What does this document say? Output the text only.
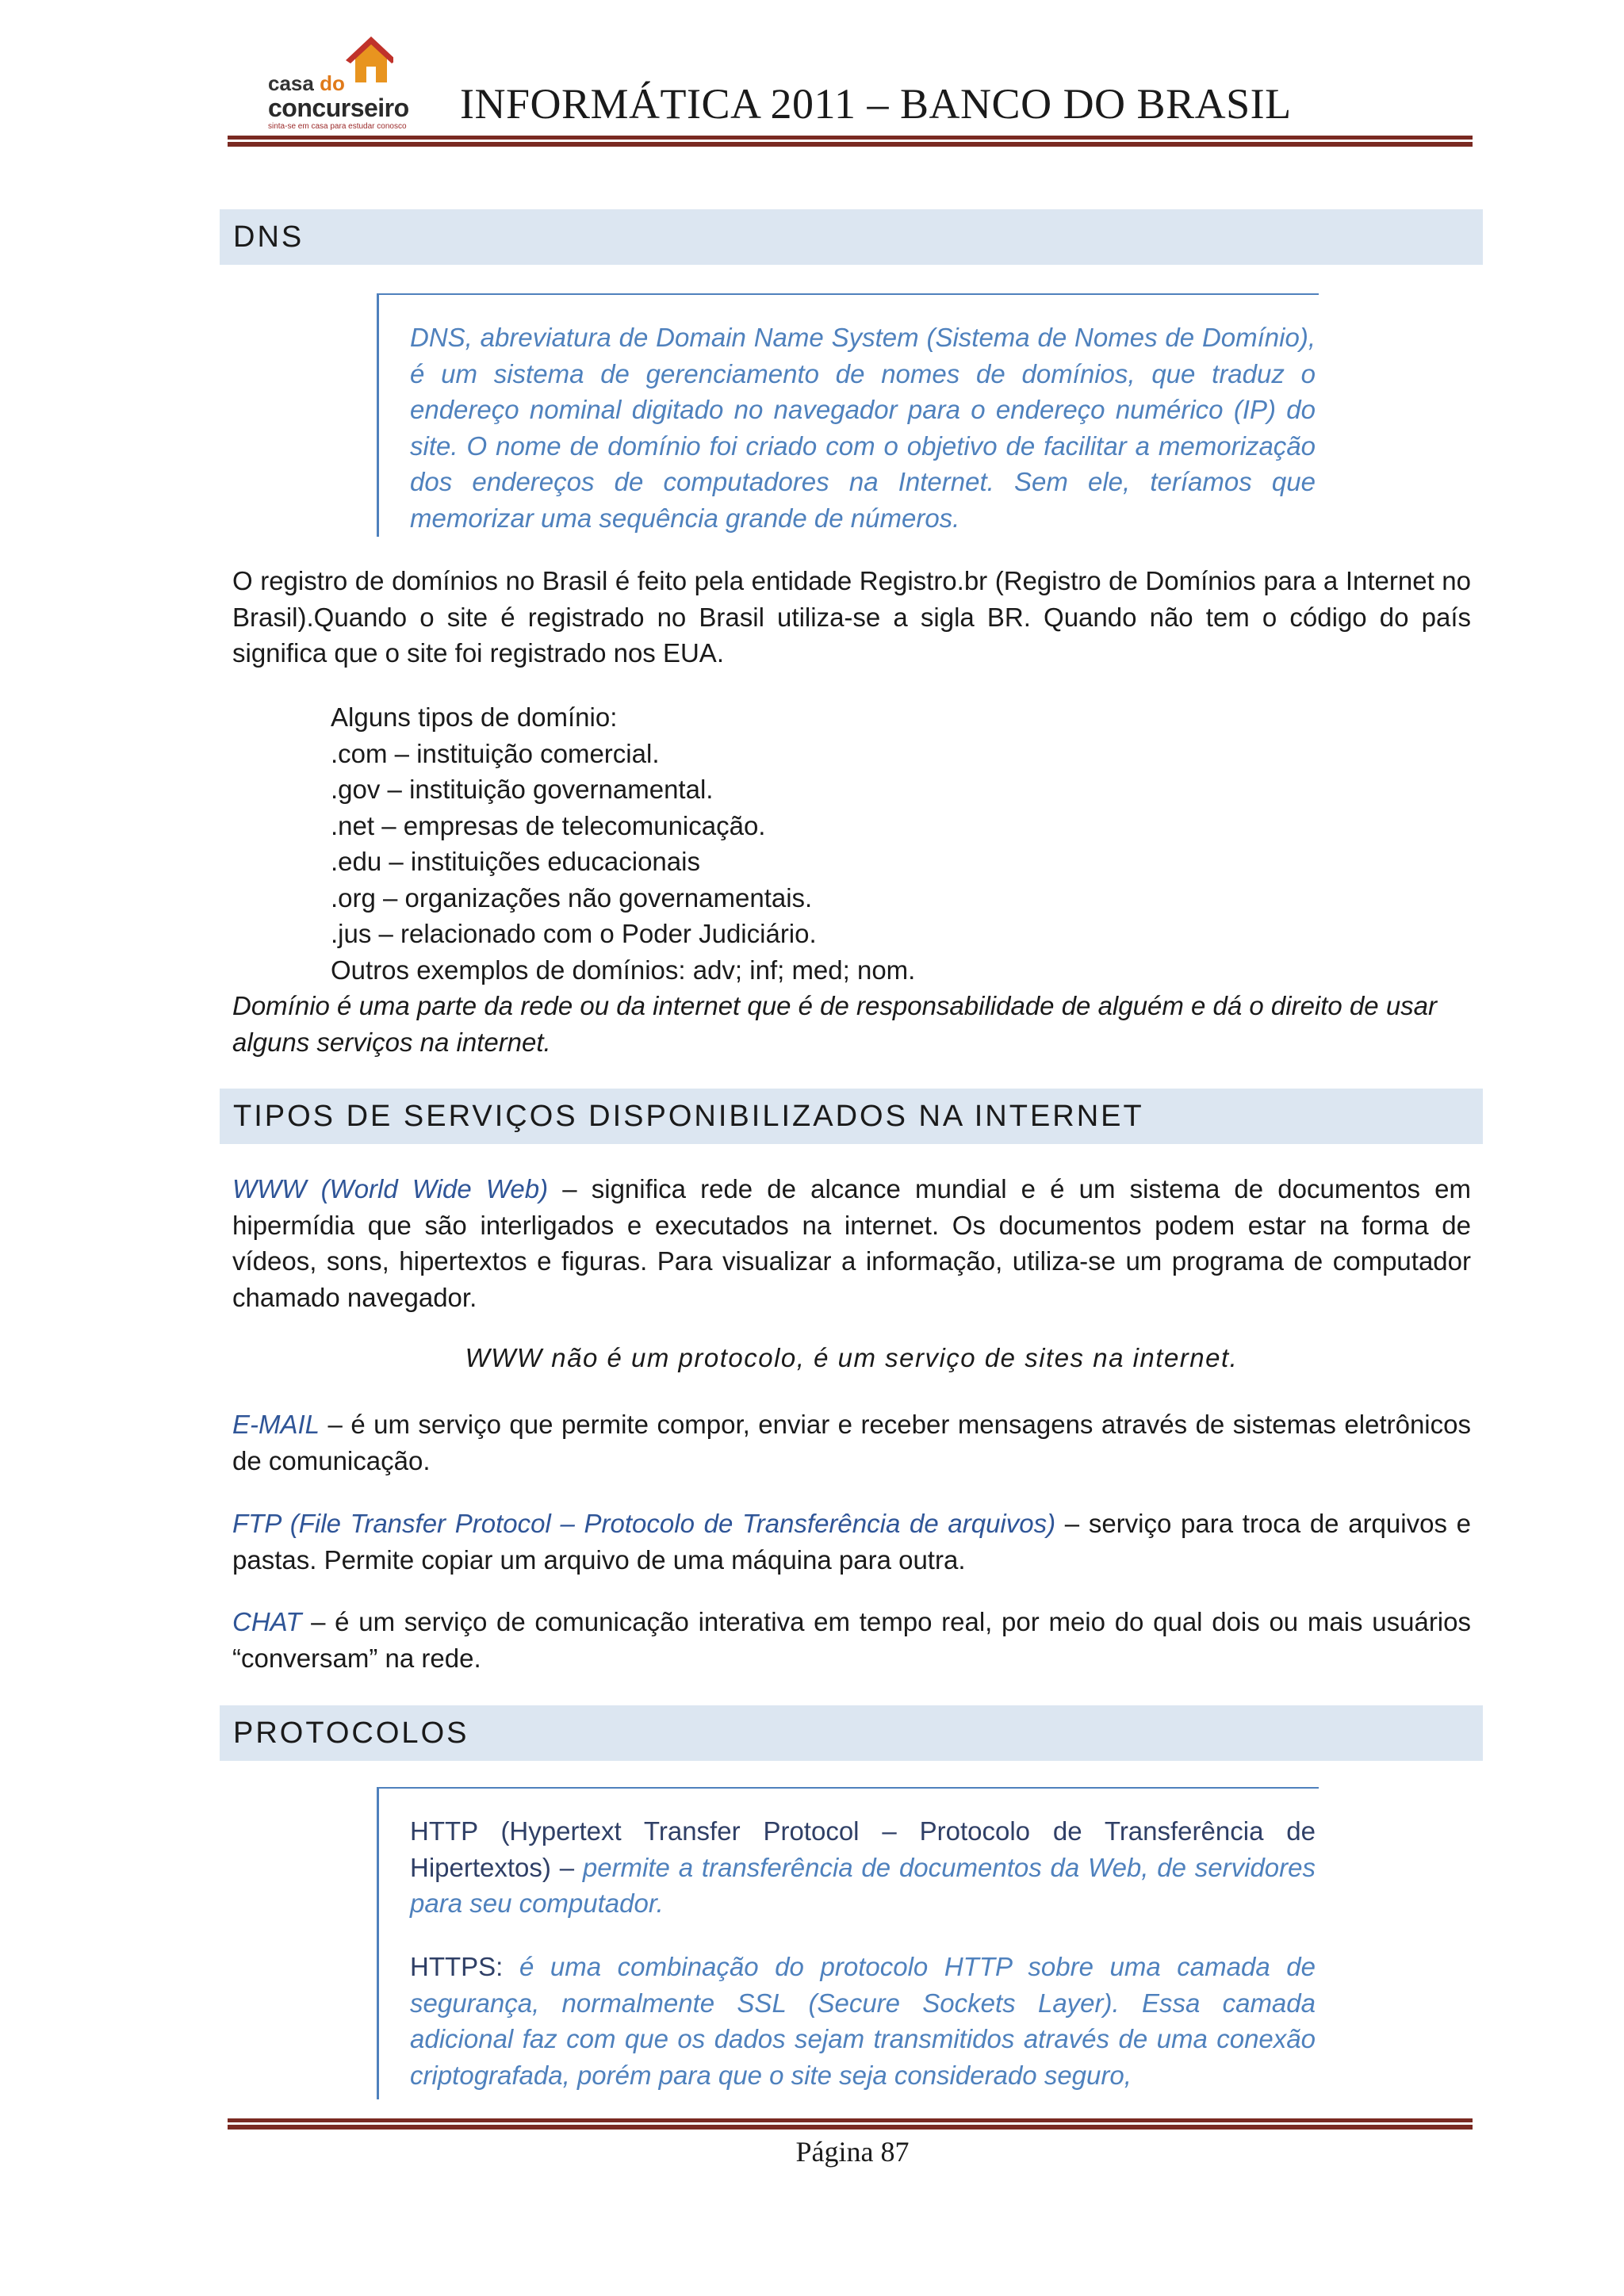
casa do
concurseiro
sinta-se em casa para estudar conosco INFORMÁTICA 2011 – BANCO DO BRASIL
DNS
DNS, abreviatura de Domain Name System (Sistema de Nomes de Domínio), é um sistema de gerenciamento de nomes de domínios, que traduz o endereço nominal digitado no navegador para o endereço numérico (IP) do site. O nome de domínio foi criado com o objetivo de facilitar a memorização dos endereços de computadores na Internet. Sem ele, teríamos que memorizar uma sequência grande de números.
O registro de domínios no Brasil é feito pela entidade Registro.br (Registro de Domínios para a Internet no Brasil).Quando o site é registrado no Brasil utiliza-se a sigla BR. Quando não tem o código do país significa que o site foi registrado nos EUA.
Alguns tipos de domínio:
.com – instituição comercial.
.gov – instituição governamental.
.net – empresas de telecomunicação.
.edu – instituições educacionais
.org – organizações não governamentais.
.jus – relacionado com o Poder Judiciário.
Outros exemplos de domínios: adv; inf; med; nom.
Domínio é uma parte da rede ou da internet que é de responsabilidade de alguém e dá o direito de usar alguns serviços na internet.
TIPOS DE SERVIÇOS DISPONIBILIZADOS NA INTERNET
WWW (World Wide Web) – significa rede de alcance mundial e é um sistema de documentos em hipermídia que são interligados e executados na internet. Os documentos podem estar na forma de vídeos, sons, hipertextos e figuras. Para visualizar a informação, utiliza-se um programa de computador chamado navegador.
WWW não é um protocolo, é um serviço de sites na internet.
E-MAIL – é um serviço que permite compor, enviar e receber mensagens através de sistemas eletrônicos de comunicação.
FTP (File Transfer Protocol – Protocolo de Transferência de arquivos) – serviço para troca de arquivos e pastas. Permite copiar um arquivo de uma máquina para outra.
CHAT – é um serviço de comunicação interativa em tempo real, por meio do qual dois ou mais usuários “conversam” na rede.
PROTOCOLOS
HTTP (Hypertext Transfer Protocol – Protocolo de Transferência de Hipertextos) – permite a transferência de documentos da Web, de servidores para seu computador.
HTTPS: é uma combinação do protocolo HTTP sobre uma camada de segurança, normalmente SSL (Secure Sockets Layer). Essa camada adicional faz com que os dados sejam transmitidos através de uma conexão criptografada, porém para que o site seja considerado seguro,
Página 87
